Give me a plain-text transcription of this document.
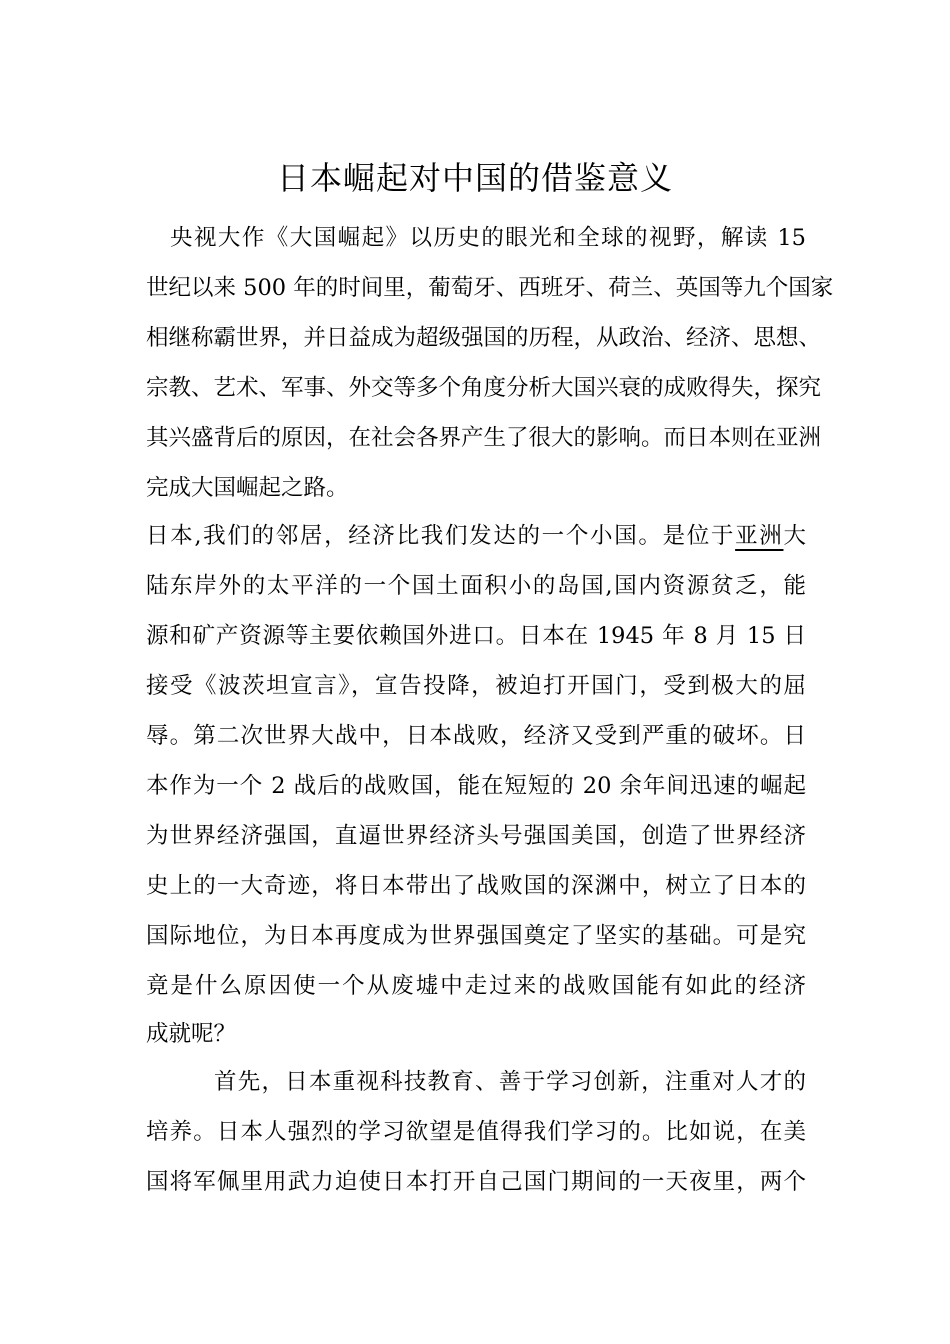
日本崛起对中国的借鉴意义
央视大作《大国崛起》以历史的眼光和全球的视野，解读 15
世纪以来 500 年的时间里，葡萄牙、西班牙、荷兰、英国等九个国家
相继称霸世界，并日益成为超级强国的历程，从政治、经济、思想、
宗教、艺术、军事、外交等多个角度分析大国兴衰的成败得失，探究
其兴盛背后的原因，在社会各界产生了很大的影响。而日本则在亚洲
完成大国崛起之路。
日本,我们的邻居，经济比我们发达的一个小国。是位于亚洲大
陆东岸外的太平洋的一个国土面积小的岛国,国内资源贫乏，能
源和矿产资源等主要依赖国外进口。日本在 1945 年 8 月 15 日
接受《波茨坦宣言》，宣告投降，被迫打开国门，受到极大的屈
辱。第二次世界大战中，日本战败，经济又受到严重的破坏。日
本作为一个 2 战后的战败国，能在短短的 20 余年间迅速的崛起
为世界经济强国，直逼世界经济头号强国美国，创造了世界经济
史上的一大奇迹，将日本带出了战败国的深渊中，树立了日本的
国际地位，为日本再度成为世界强国奠定了坚实的基础。可是究
竟是什么原因使一个从废墟中走过来的战败国能有如此的经济
成就呢？
首先，日本重视科技教育、善于学习创新，注重对人才的
培养。日本人强烈的学习欲望是值得我们学习的。比如说，在美
国将军佩里用武力迫使日本打开自己国门期间的一天夜里，两个
